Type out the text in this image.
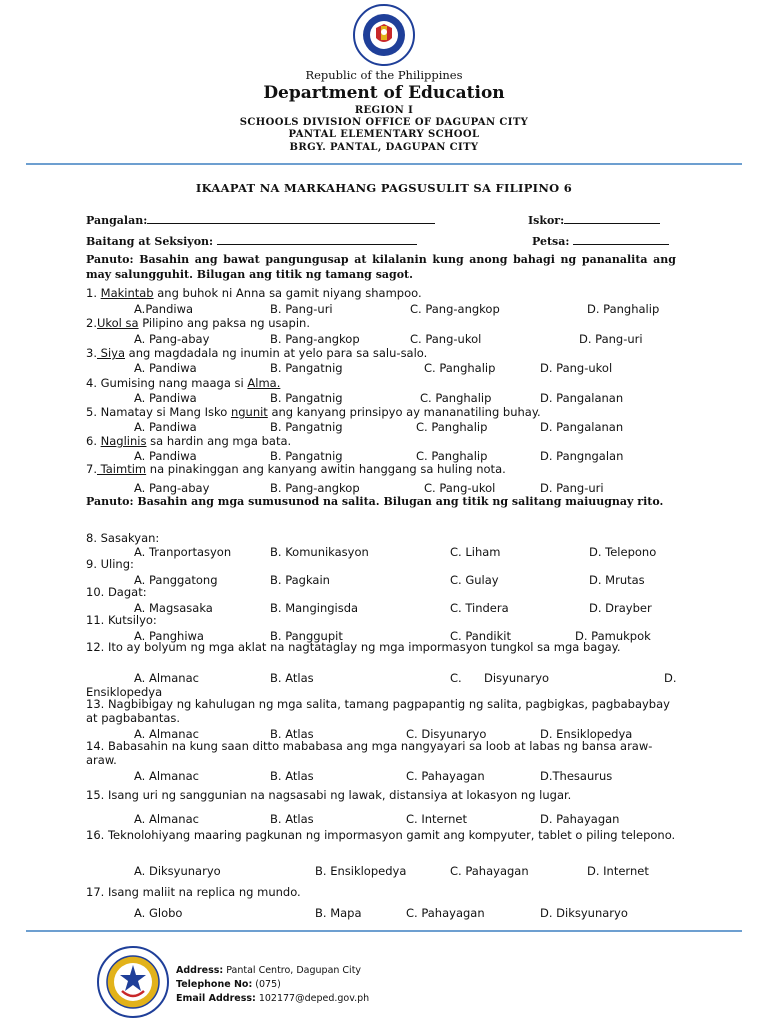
Republic of the Philippines
Department of Education
REGION I
SCHOOLS DIVISION OFFICE OF DAGUPAN CITY
PANTAL ELEMENTARY SCHOOL
BRGY. PANTAL, DAGUPAN CITY
IKAAPAT NA MARKAHANG PAGSUSULIT SA FILIPINO 6
Pangalan:	Iskor:
Baitang at Seksiyon:	Petsa:
Panuto: Basahin ang bawat pangungusap at kilalanin kung anong bahagi ng pananalita ang may salungguhit. Bilugan ang titik ng tamang sagot.
1. Makintab ang buhok ni Anna sa gamit niyang shampoo.
A.Pandiwa	B. Pang-uri	C. Pang-angkop	D. Panghalip
2.Ukol sa Pilipino ang paksa ng usapin.
A. Pang-abay	B. Pang-angkop	C. Pang-ukol	D. Pang-uri
3. Siya ang magdadala ng inumin at yelo para sa salu-salo.
A. Pandiwa	B. Pangatnig	C. Panghalip	D. Pang-ukol
4. Gumising nang maaga si Alma.
A. Pandiwa	B. Pangatnig	C. Panghalip	D. Pangalanan
5. Namatay si Mang Isko ngunit ang kanyang prinsipyo ay mananatiling buhay.
A. Pandiwa	B. Pangatnig	C. Panghalip	D. Pangalanan
6. Naglinis sa hardin ang mga bata.
A. Pandiwa	B. Pangatnig	C. Panghalip	D. Pangngalan
7. Taimtim na pinakinggan ang kanyang awitin hanggang sa huling nota.
A. Pang-abay	B. Pang-angkop	C. Pang-ukol	D. Pang-uri
Panuto: Basahin ang mga sumusunod na salita. Bilugan ang titik ng salitang maiuugnay rito.
8. Sasakyan:
A. Tranportasyon	B. Komunikasyon	C. Liham	D. Telepono
9. Uling:
A. Panggatong	B. Pagkain	C. Gulay	D. Mrutas
10. Dagat:
A. Magsasaka	B. Mangingisda	C. Tindera	D. Drayber
11. Kutsilyo:
A. Panghiwa	B. Panggupit	C. Pandikit	D. Pamukpok
12. Ito ay bolyum ng mga aklat na nagtataglay ng mga impormasyon tungkol sa mga bagay.
A. Almanac	B. Atlas	C. Disyunaryo	D.
Ensiklopedya
13. Nagbibigay ng kahulugan ng mga salita, tamang pagpapantig ng salita, pagbigkas, pagbabaybay at pagbabantas.
A. Almanac	B. Atlas	C. Disyunaryo	D. Ensiklopedya
14. Babasahin na kung saan ditto mababasa ang mga nangyayari sa loob at labas ng bansa araw-araw.
A. Almanac	B. Atlas	C. Pahayagan	D.Thesaurus
15. Isang uri ng sanggunian na nagsasabi ng lawak, distansiya at lokasyon ng lugar.
A. Almanac	B. Atlas	C. Internet	D. Pahayagan
16. Teknolohiyang maaring pagkunan ng impormasyon gamit ang kompyuter, tablet o piling telepono.
A. Diksyunaryo	B. Ensiklopedya	C. Pahayagan	D. Internet
17. Isang maliit na replica ng mundo.
A. Globo	B. Mapa	C. Pahayagan	D. Diksyunaryo
Address: Pantal Centro, Dagupan City
Telephone No: (075)
Email Address: 102177@deped.gov.ph
